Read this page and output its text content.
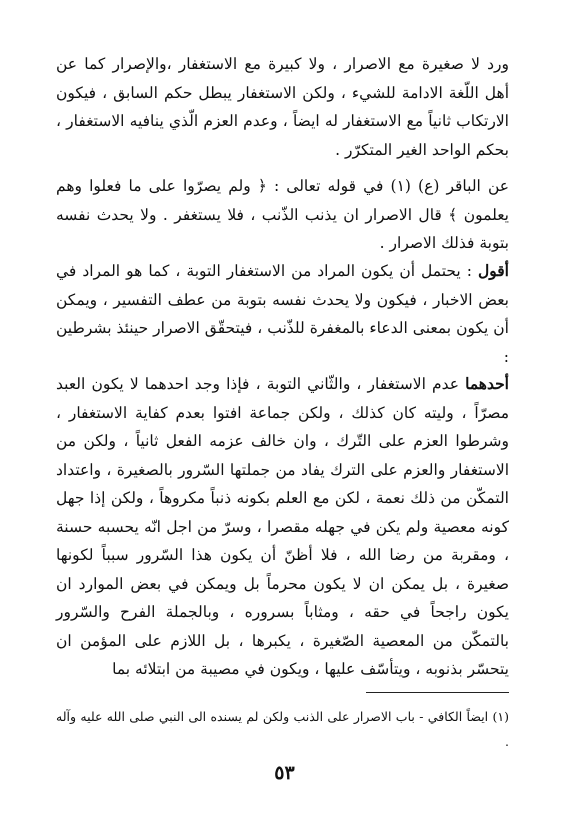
ورد لا صغيرة مع الاصرار ، ولا كبيرة مع الاستغفار ،والإصرار كما عن أهل اللّغة الادامة للشيء ، ولكن الاستغفار يبطل حكم السابق ، فيكون الارتكاب ثانياً مع الاستغفار له ايضاً ، وعدم العزم الّذي ينافيه الاستغفار ، بحكم الواحد الغير المتكرّر .

عن الباقر (ع) (١) في قوله تعالى : ﴿ ولم يصرّوا على ما فعلوا وهم يعلمون ﴾ قال الاصرار ان يذنب الذّنب ، فلا يستغفر . ولا يحدث نفسه بتوبة فذلك الاصرار .

أقول : يحتمل أن يكون المراد من الاستغفار التوبة ، كما هو المراد في بعض الاخبار ، فيكون ولا يحدث نفسه بتوبة من عطف التفسير ، ويمكن أن يكون بمعنى الدعاء بالمغفرة للذّنب ، فيتحقّق الاصرار حينئذ بشرطين :

أحدهما عدم الاستغفار ، والثّاني التوبة ، فإذا وجد احدهما لا يكون العبد مصرّاً ، وليته كان كذلك ، ولكن جماعة افتوا بعدم كفاية الاستغفار ، وشرطوا العزم على التّرك ، وان خالف عزمه الفعل ثانياً ، ولكن من الاستغفار والعزم على الترك يفاد من جملتها السّرور بالصغيرة ، واعتداد التمكّن من ذلك نعمة ، لكن مع العلم بكونه ذنباً مكروهاً ، ولكن إذا جهل كونه معصية ولم يكن في جهله مقصرا ، وسرّ من اجل انّه يحسبه حسنة ، ومقربة من رضا الله ، فلا أظنّ أن يكون هذا السّرور سبباً لكونها صغيرة ، بل يمكن ان لا يكون محرماً بل ويمكن في بعض الموارد ان يكون راجحاً في حقه ، ومثاباً بسروره ، وبالجملة الفرح والسّرور بالتمكّن من المعصية الصّغيرة ، يكبرها ، بل اللازم على المؤمن ان يتحسّر بذنوبه ، ويتأسّف عليها ، ويكون في مصيبة من ابتلائه بما

(١) ايضاً الكافي - باب الاصرار على الذنب ولكن لم يسنده الى النبي صلى الله عليه وآله .

٥٣
